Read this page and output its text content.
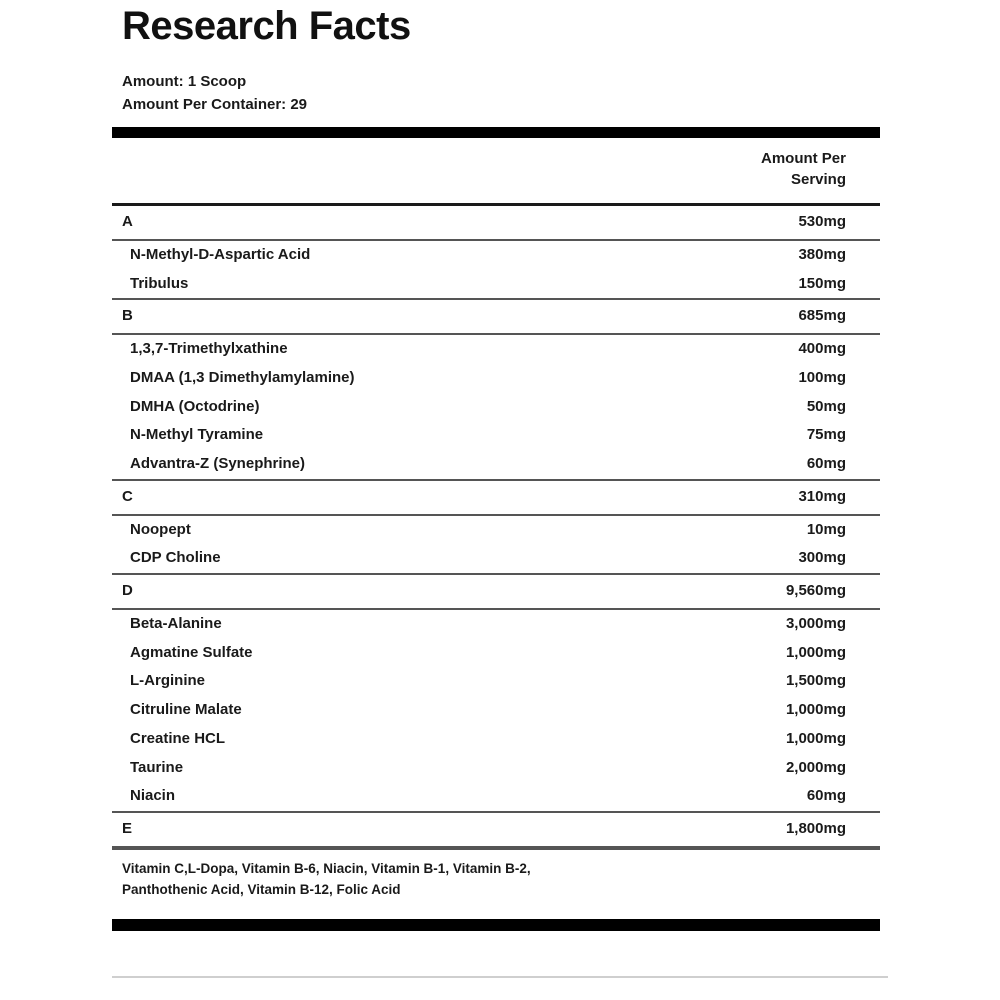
Research Facts
Amount: 1 Scoop
Amount Per Container: 29
Amount Per
Serving
A	530mg
N-Methyl-D-Aspartic Acid	380mg
Tribulus	150mg
B	685mg
1,3,7-Trimethylxathine	400mg
DMAA (1,3 Dimethylamylamine)	100mg
DMHA (Octodrine)	50mg
N-Methyl Tyramine	75mg
Advantra-Z (Synephrine)	60mg
C	310mg
Noopept	10mg
CDP Choline	300mg
D	9,560mg
Beta-Alanine	3,000mg
Agmatine Sulfate	1,000mg
L-Arginine	1,500mg
Citruline Malate	1,000mg
Creatine HCL	1,000mg
Taurine	2,000mg
Niacin	60mg
E	1,800mg
Vitamin C,L-Dopa, Vitamin B-6, Niacin, Vitamin B-1, Vitamin B-2,
Panthothenic Acid, Vitamin B-12, Folic Acid
